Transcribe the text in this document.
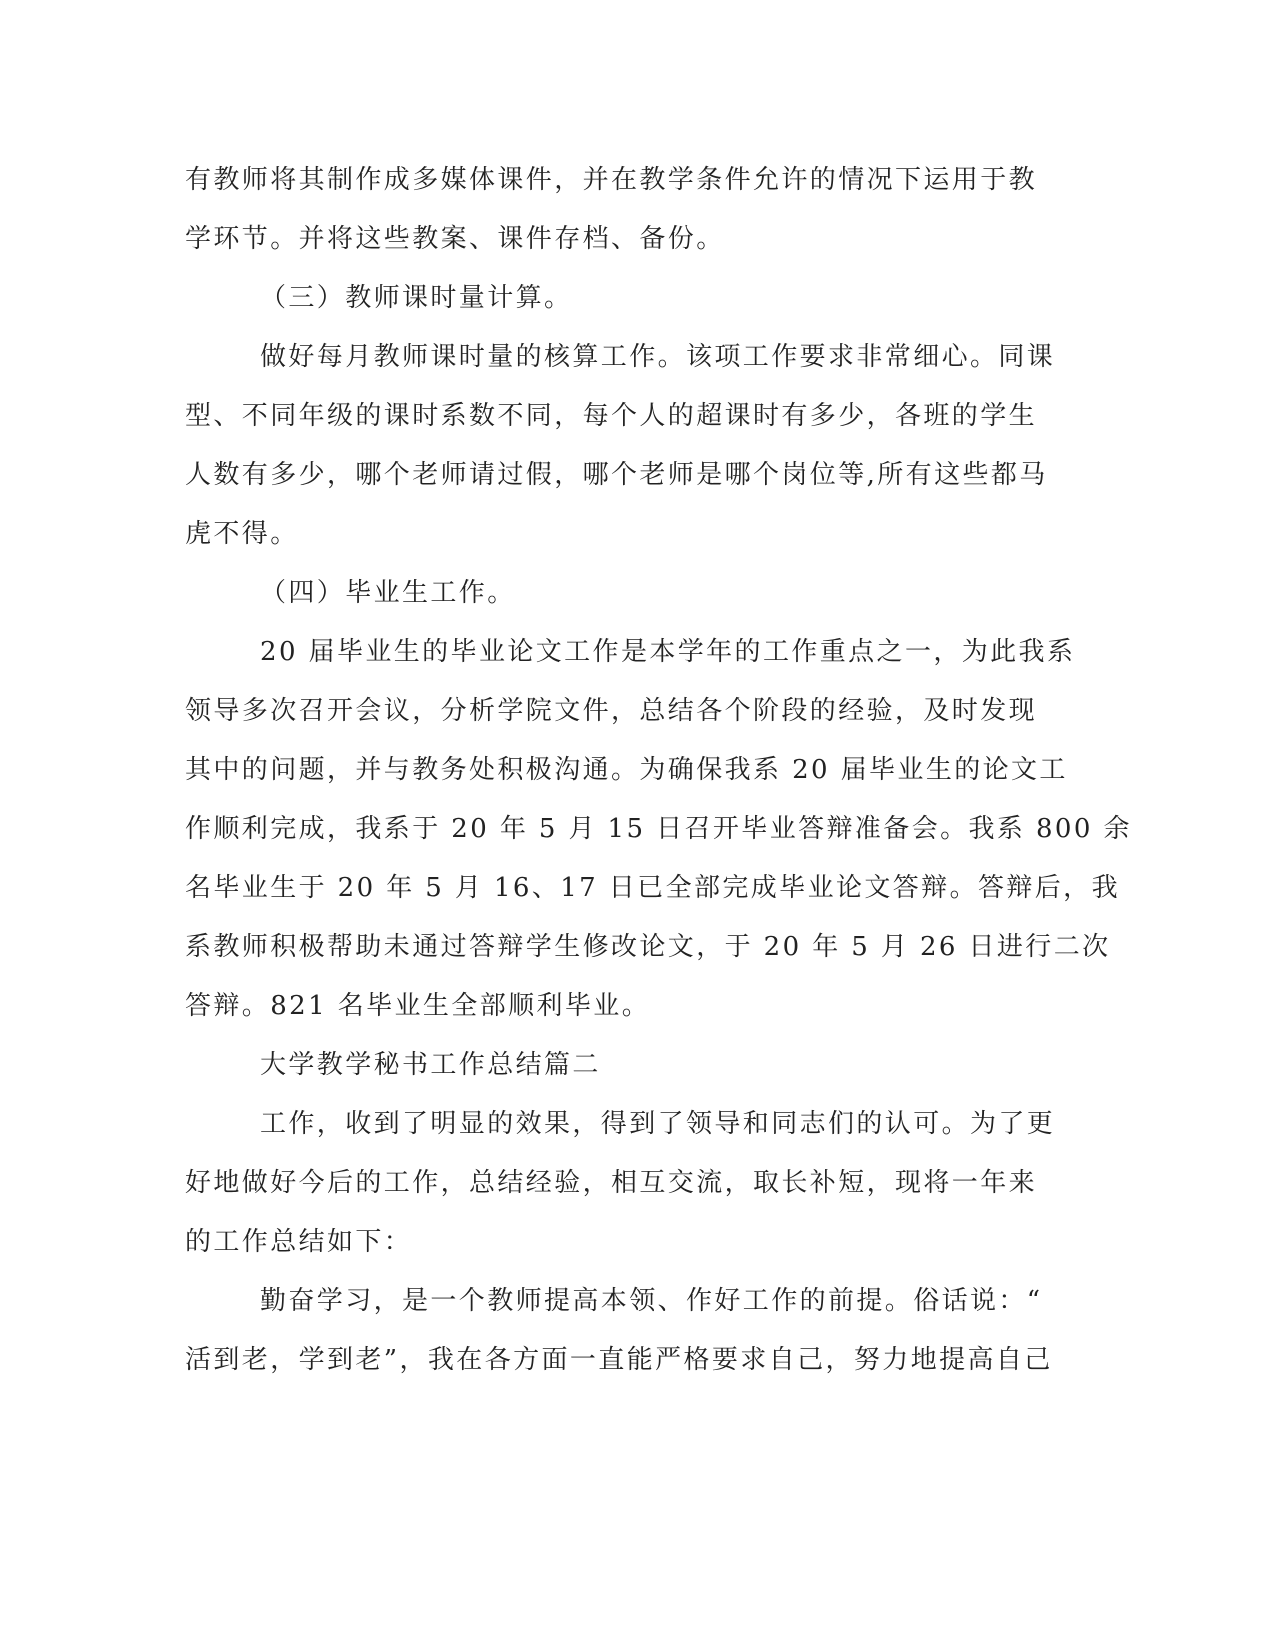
有教师将其制作成多媒体课件，并在教学条件允许的情况下运用于教
学环节。并将这些教案、课件存档、备份。
（三）教师课时量计算。
做好每月教师课时量的核算工作。该项工作要求非常细心。同课
型、不同年级的课时系数不同，每个人的超课时有多少，各班的学生
人数有多少，哪个老师请过假，哪个老师是哪个岗位等,所有这些都马
虎不得。
（四）毕业生工作。
20 届毕业生的毕业论文工作是本学年的工作重点之一，为此我系
领导多次召开会议，分析学院文件，总结各个阶段的经验，及时发现
其中的问题，并与教务处积极沟通。为确保我系 20 届毕业生的论文工
作顺利完成，我系于 20 年 5 月 15 日召开毕业答辩准备会。我系 800 余
名毕业生于 20 年 5 月 16、17 日已全部完成毕业论文答辩。答辩后，我
系教师积极帮助未通过答辩学生修改论文，于 20 年 5 月 26 日进行二次
答辩。821 名毕业生全部顺利毕业。
大学教学秘书工作总结篇二
工作，收到了明显的效果，得到了领导和同志们的认可。为了更
好地做好今后的工作，总结经验，相互交流，取长补短，现将一年来
的工作总结如下：
勤奋学习，是一个教师提高本领、作好工作的前提。俗话说：“
活到老，学到老”，我在各方面一直能严格要求自己，努力地提高自己
